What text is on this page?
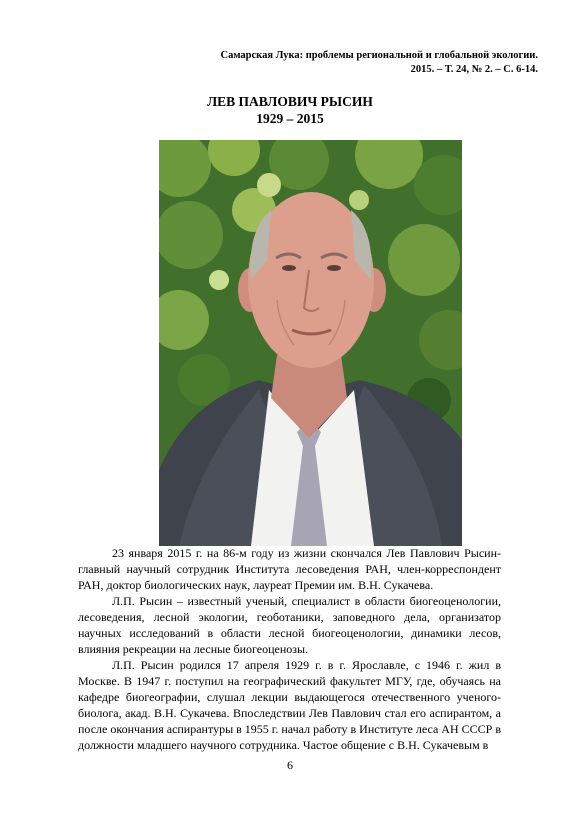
Самарская Лука: проблемы региональной и глобальной экологии.
2015. – Т. 24, № 2. – С. 6-14.
ЛЕВ ПАВЛОВИЧ РЫСИН
1929 – 2015

23 января 2015 г. на 86-м году из жизни скончался Лев Павлович Рысин- главный научный сотрудник Института лесоведения РАН, член-корреспондент РАН, доктор биологических наук, лауреат Премии им. В.Н. Сукачева.

Л.П. Рысин – известный ученый, специалист в области биогеоценологии, лесоведения, лесной экологии, геоботаники, заповедного дела, организатор научных исследований в области лесной биогеоценологии, динамики лесов, влияния рекреации на лесные биогеоценозы.

Л.П. Рысин родился 17 апреля 1929 г. в г. Ярославле, с 1946 г. жил в Москве. В 1947 г. поступил на географический факультет МГУ, где, обучаясь на кафедре биогеографии, слушал лекции выдающегося отечественного ученого-биолога, акад. В.Н. Сукачева. Впоследствии Лев Павлович стал его аспирантом, а после окончания аспирантуры в 1955 г. начал работу в Институте леса АН СССР в должности младшего научного сотрудника. Частое общение с В.Н. Сукачевым в

6
